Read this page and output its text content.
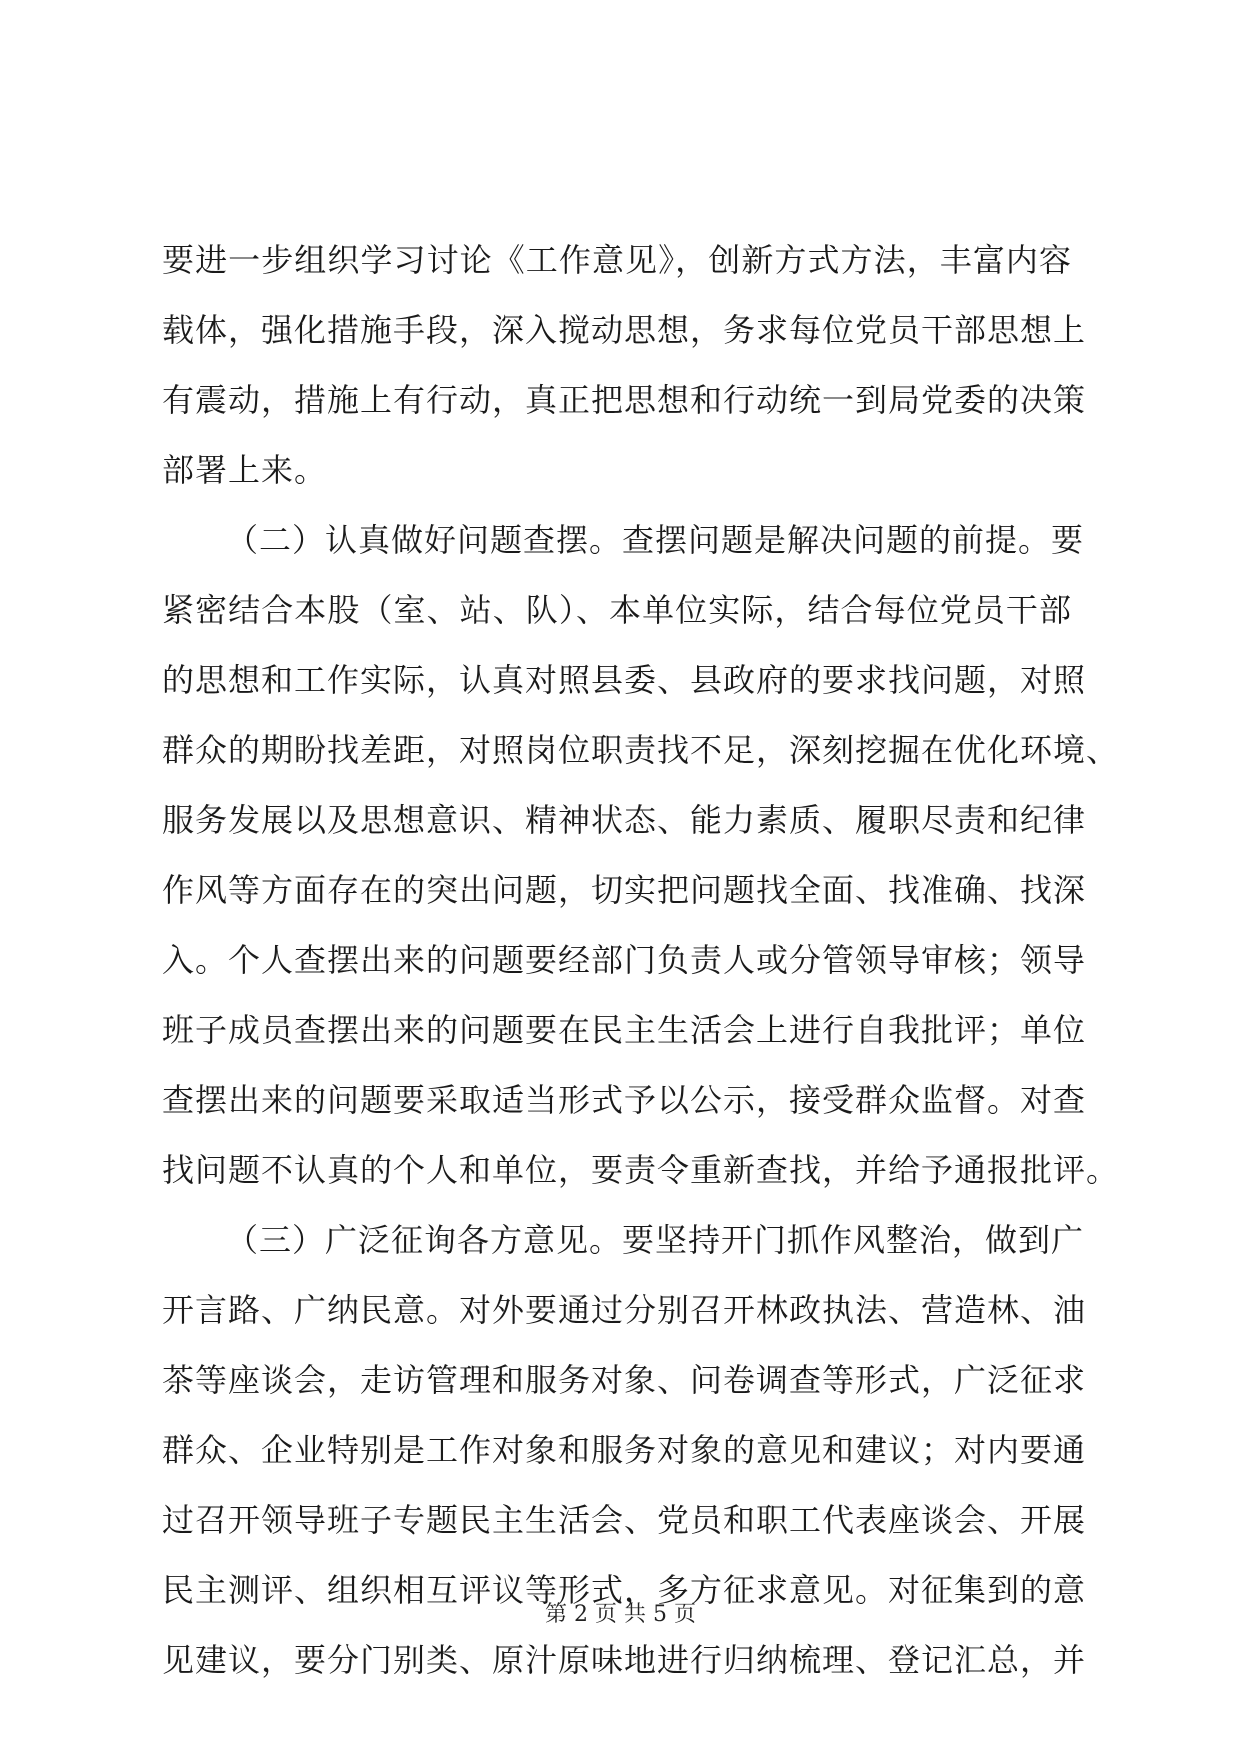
要进一步组织学习讨论《工作意见》，创新方式方法，丰富内容
载体，强化措施手段，深入搅动思想，务求每位党员干部思想上
有震动，措施上有行动，真正把思想和行动统一到局党委的决策
部署上来。
（二）认真做好问题查摆。查摆问题是解决问题的前提。要
紧密结合本股（室、站、队）、本单位实际，结合每位党员干部
的思想和工作实际，认真对照县委、县政府的要求找问题，对照
群众的期盼找差距，对照岗位职责找不足，深刻挖掘在优化环境、
服务发展以及思想意识、精神状态、能力素质、履职尽责和纪律
作风等方面存在的突出问题，切实把问题找全面、找准确、找深
入。个人查摆出来的问题要经部门负责人或分管领导审核；领导
班子成员查摆出来的问题要在民主生活会上进行自我批评；单位
查摆出来的问题要采取适当形式予以公示，接受群众监督。对查
找问题不认真的个人和单位，要责令重新查找，并给予通报批评。
（三）广泛征询各方意见。要坚持开门抓作风整治，做到广
开言路、广纳民意。对外要通过分别召开林政执法、营造林、油
茶等座谈会，走访管理和服务对象、问卷调查等形式，广泛征求
群众、企业特别是工作对象和服务对象的意见和建议；对内要通
过召开领导班子专题民主生活会、党员和职工代表座谈会、开展
民主测评、组织相互评议等形式，多方征求意见。对征集到的意
见建议，要分门别类、原汁原味地进行归纳梳理、登记汇总，并
第 2 页 共 5 页
